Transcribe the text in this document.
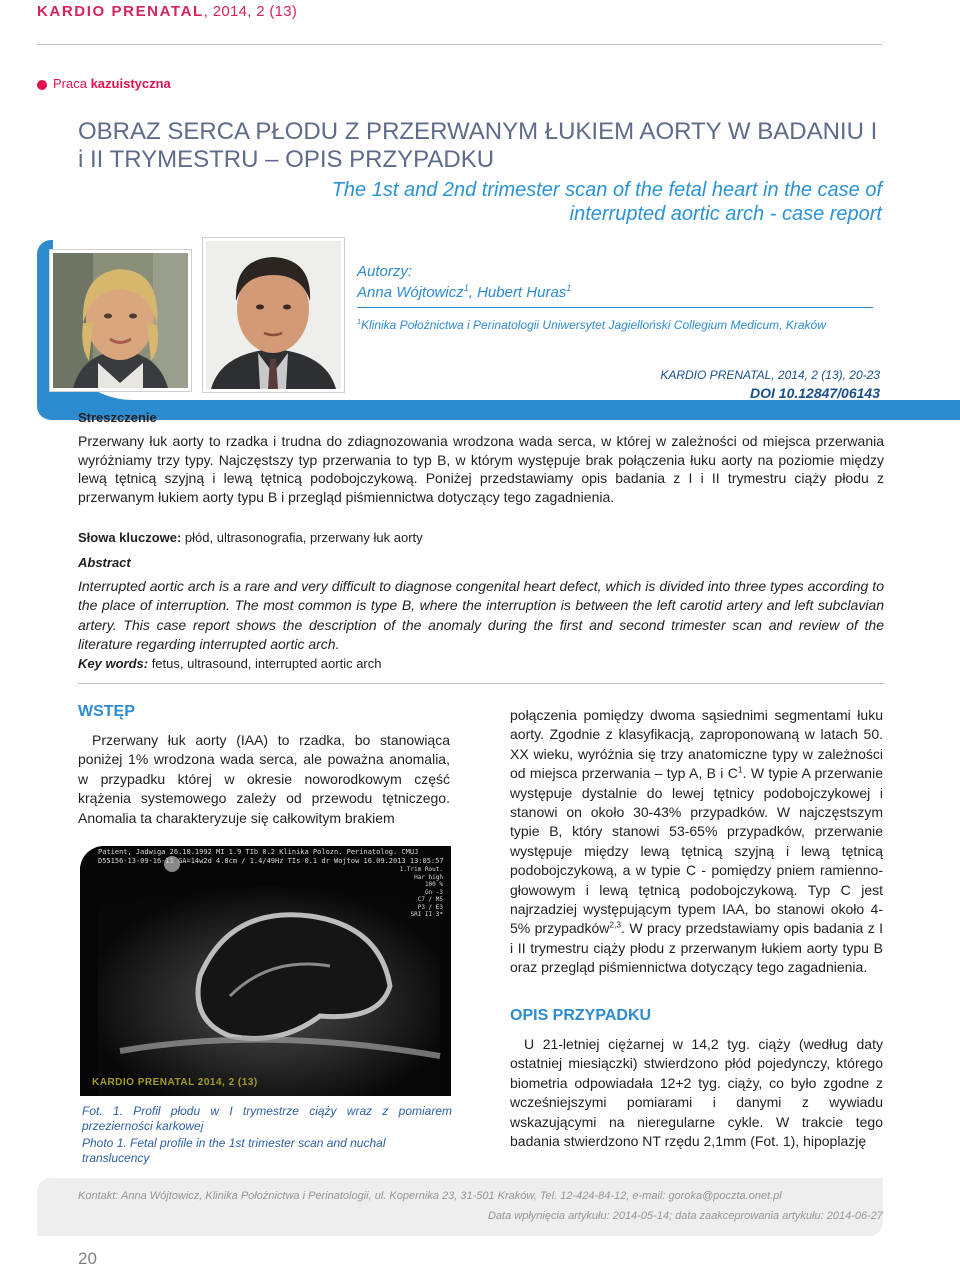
KARDIO PRENATAL, 2014, 2 (13)
Praca kazuistyczna
OBRAZ SERCA PŁODU Z PRZERWANYM ŁUKIEM AORTY W BADANIU I i II TRYMESTRU – OPIS PRZYPADKU
The 1st and 2nd trimester scan of the fetal heart in the case of interrupted aortic arch - case report
Autorzy:
Anna Wójtowicz$^1$, Hubert Huras$^1$
$^1$Klinika Położnictwa i Perinatologii Uniwersytet Jagielloński Collegium Medicum, Kraków
KARDIO PRENATAL, 2014, 2 (13), 20-23
DOI 10.12847/06143
Streszczenie
Przerwany łuk aorty to rzadka i trudna do zdiagnozowania wrodzona wada serca, w której w zależności od miejsca przerwania wyróżniamy trzy typy. Najczęstszy typ przerwania to typ B, w którym występuje brak połączenia łuku aorty na poziomie między lewą tętnicą szyjną i lewą tętnicą podobojczykową. Poniżej przedstawiamy opis badania z I i II trymestru ciąży płodu z przerwanym łukiem aorty typu B i przegląd piśmiennictwa dotyczący tego zagadnienia.
Słowa kluczowe: płód, ultrasonografia, przerwany łuk aorty
Abstract
Interrupted aortic arch is a rare and very difficult to diagnose congenital heart defect, which is divided into three types according to the place of interruption. The most common is type B, where the interruption is between the left carotid artery and left subclavian artery. This case report shows the description of the anomaly during the first and second trimester scan and review of the literature regarding interrupted aortic arch.
Key words: fetus, ultrasound, interrupted aortic arch
WSTĘP
Przerwany łuk aorty (IAA) to rzadka, bo stanowiąca poniżej 1% wrodzona wada serca, ale poważna anomalia, w przypadku której w okresie noworodkowym część krążenia systemowego zależy od przewodu tętniczego. Anomalia ta charakteryzuje się całkowitym brakiem
Patient, Jadwiga 26.10.1992 MI 1.9 TIb 0.2 Klinika Polozn. Perinatolog. CMUJ
D55156-13-09-16-11 GA=14w2d 4.8cm / 1.4/49Hz TIs 0.1 dr Wojtow 16.09.2013 13:05:57
1.Trim Rout.
Har high
100 %
Gn -3
C7 / M5
P3 / E3
SRI II 3*
KARDIO PRENATAL 2014, 2 (13)
Fot. 1. Profil płodu w I trymestrze ciąży wraz z pomiarem przezierności karkowej
Photo 1. Fetal profile in the 1st trimester scan and nuchal translucency
połączenia pomiędzy dwoma sąsiednimi segmentami łuku aorty. Zgodnie z klasyfikacją, zaproponowaną w latach 50. XX wieku, wyróżnia się trzy anatomiczne typy w zależności od miejsca przerwania – typ A, B i $C^1$. W typie A przerwanie występuje dystalnie do lewej tętnicy podobojczykowej i stanowi on około 30-43% przypadków. W najczęstszym typie B, który stanowi 53-65% przypadków, przerwanie występuje między lewą tętnicą szyjną i lewą tętnicą podobojczykową, a w typie C - pomiędzy pniem ramienno-głowowym i lewą tętnicą podobojczykową. Typ C jest najrzadziej występującym typem IAA, bo stanowi około 4- 5% przypadków$^{2,3}$. W pracy przedstawiamy opis badania z I i II trymestru ciąży płodu z przerwanym łukiem aorty typu B oraz przegląd piśmiennictwa dotyczący tego zagadnienia.
OPIS PRZYPADKU
U 21-letniej ciężarnej w 14,2 tyg. ciąży (według daty ostatniej miesiączki) stwierdzono płód pojedynczy, którego biometria odpowiadała 12+2 tyg. ciąży, co było zgodne z wcześniejszymi pomiarami i danymi z wywiadu wskazującymi na nieregularne cykle. W trakcie tego badania stwierdzono NT rzędu 2,1mm (Fot. 1), hipoplazję
Kontakt: Anna Wójtowicz, Klinika Położnictwa i Perinatologii, ul. Kopernika 23, 31-501 Kraków, Tel. 12-424-84-12, e-mail: goroka@poczta.onet.pl
Data wpłynięcia artykułu: 2014-05-14; data zaakceprowania artykułu: 2014-06-27
20
